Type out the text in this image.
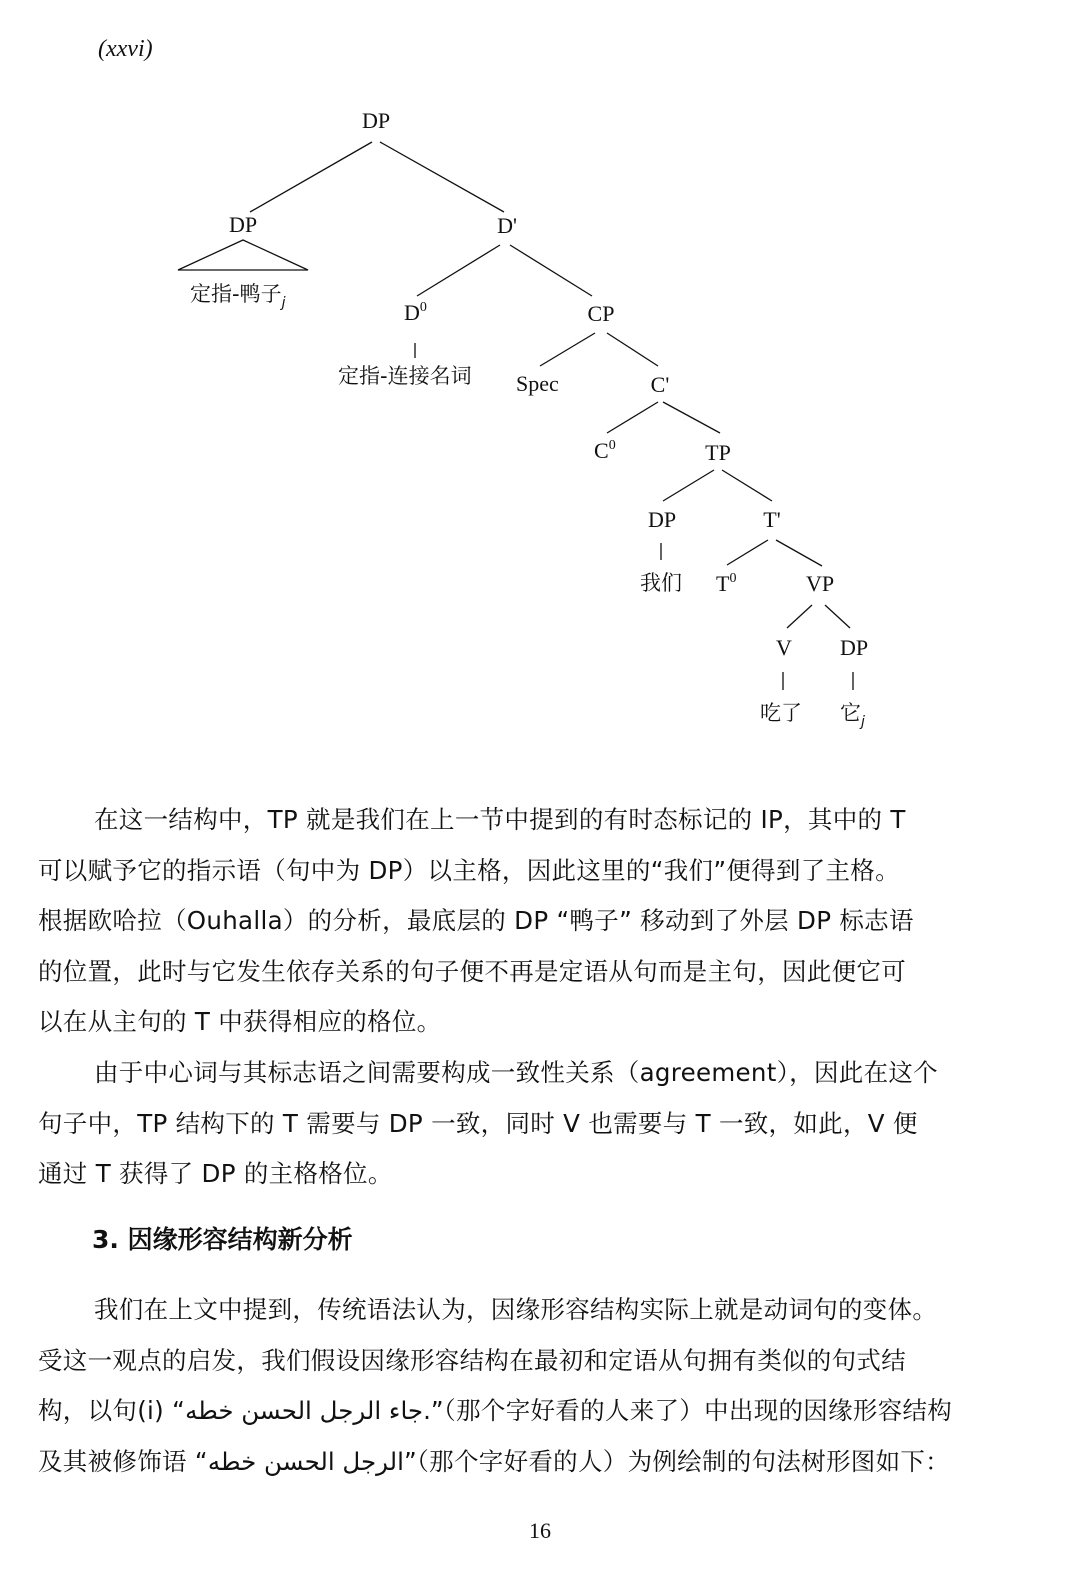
(xxvi)
DP
DP
定指-鸭子$_j$
D'
$D^0$
定指-连接名词
CP
Spec	C'
$C^0$	TP
DP
我们
T'
$T^0$	VP
V DP
吃了 它$_j$
在这一结构中，TP 就是我们在上一节中提到的有时态标记的 IP，其中的 T
可以赋予它的指示语（句中为 DP）以主格，因此这里的“我们”便得到了主格。
根据欧哈拉（Ouhalla）的分析，最底层的 DP “鸭子” 移动到了外层 DP 标志语
的位置，此时与它发生依存关系的句子便不再是定语从句而是主句，因此便它可
以在从主句的 T 中获得相应的格位。
由于中心词与其标志语之间需要构成一致性关系（agreement），因此在这个
句子中，TP 结构下的 T 需要与 DP 一致，同时 V 也需要与 T 一致，如此，V 便
通过 T 获得了 DP 的主格格位。
3. 因缘形容结构新分析
我们在上文中提到，传统语法认为，因缘形容结构实际上就是动词句的变体。
受这一观点的启发，我们假设因缘形容结构在最初和定语从句拥有类似的句式结
构，以句(i) “جاء الرجل الحسن خطه.”（那个字好看的人来了）中出现的因缘形容结构
及其被修饰语 “الرجل الحسن خطه”（那个字好看的人）为例绘制的句法树形图如下：
16
